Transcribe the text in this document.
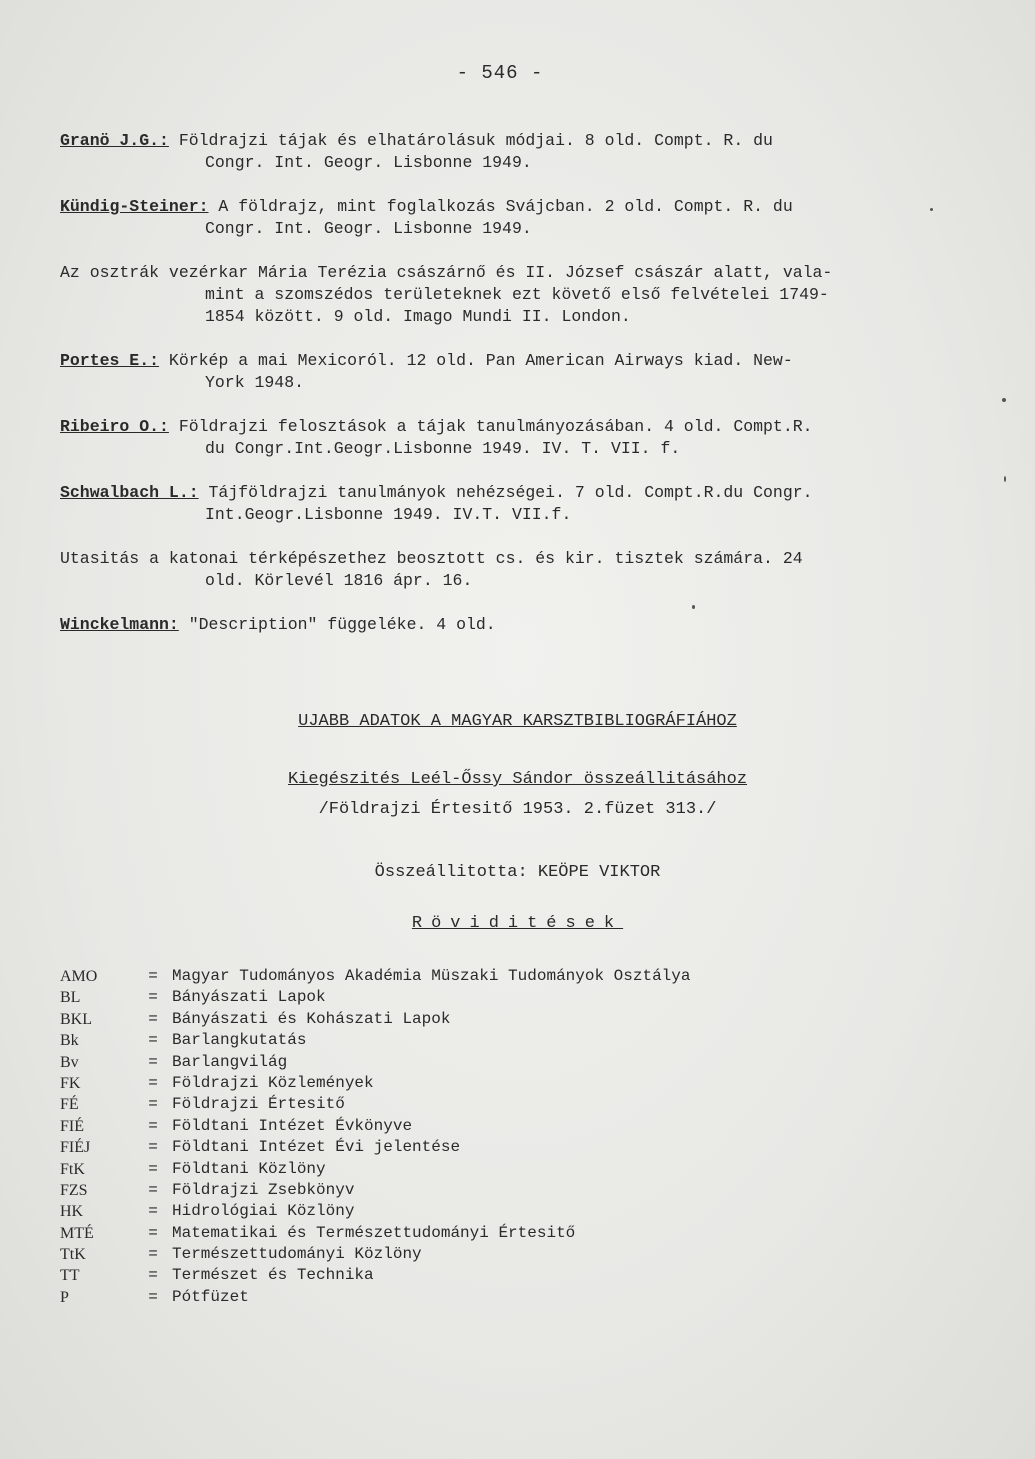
- 546 -

Granö J.G.: Földrajzi tájak és elhatárolásuk módjai. 8 old. Compt. R. du
Congr. Int. Geogr. Lisbonne 1949.

Kündig-Steiner: A földrajz, mint foglalkozás Svájcban. 2 old. Compt. R. du
Congr. Int. Geogr. Lisbonne 1949.

Az osztrák vezérkar Mária Terézia császárnő és II. József császár alatt, vala-
mint a szomszédos területeknek ezt követő első felvételei 1749-
1854 között. 9 old. Imago Mundi II. London.

Portes E.: Körkép a mai Mexicoról. 12 old. Pan American Airways kiad. New-
York 1948.

Ribeiro O.: Földrajzi felosztások a tájak tanulmányozásában. 4 old. Compt.R.
du Congr.Int.Geogr.Lisbonne 1949. IV. T. VII. f.

Schwalbach L.: Tájföldrajzi tanulmányok nehézségei. 7 old. Compt.R.du Congr.
Int.Geogr.Lisbonne 1949. IV.T. VII.f.

Utasitás a katonai térképészethez beosztott cs. és kir. tisztek számára. 24
old. Körlevél 1816 ápr. 16.

Winckelmann: "Description" függeléke. 4 old.

UJABB ADATOK A MAGYAR KARSZTBIBLIOGRÁFIÁHOZ
Kiegészités Leél-Őssy Sándor összeállitásához
/Földrajzi Értesitő 1953. 2.füzet 313./
Összeállitotta: KEÖPE VIKTOR
Röviditések
AMO	= Magyar Tudományos Akadémia Müszaki Tudományok Osztálya
BL	= Bányászati Lapok
BKL	= Bányászati és Kohászati Lapok
Bk	= Barlangkutatás
Bv	= Barlangvilág
FK	= Földrajzi Közlemények
FÉ	= Földrajzi Értesitő
FIÉ	= Földtani Intézet Évkönyve
FIÉJ	= Földtani Intézet Évi jelentése
FtK	= Földtani Közlöny
FZS	= Földrajzi Zsebkönyv
HK	= Hidrológiai Közlöny
MTÉ	= Matematikai és Természettudományi Értesitő
TtK	= Természettudományi Közlöny
TT	= Természet és Technika
P	= Pótfüzet
